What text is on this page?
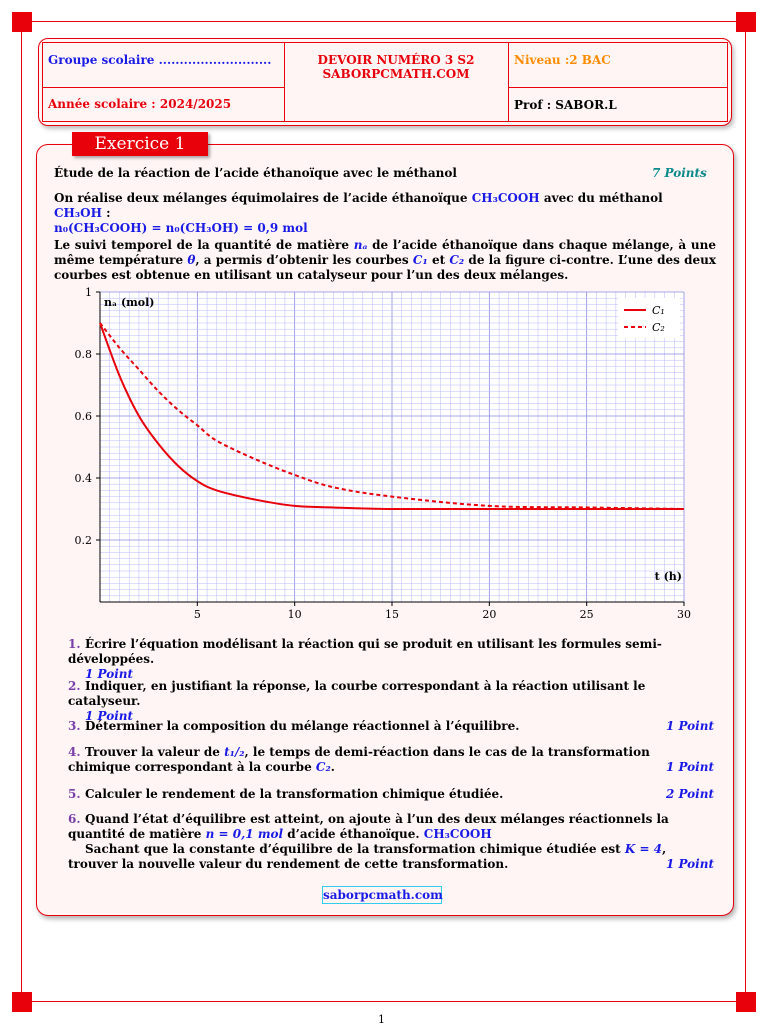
Groupe scolaire ...........................
Année scolaire : 2024/2025
DEVOIR NUMÉRO 3 S2
SABORPCMATH.COM
Niveau :2 BAC
Prof : SABOR.L
Exercice 1
Étude de la réaction de l’acide éthanoïque avec le méthanol	7 Points
On réalise deux mélanges équimolaires de l’acide éthanoïque CH₃COOH avec du méthanol CH₃OH :
n₀(CH₃COOH) = n₀(CH₃OH) = 0,9 mol
Le suivi temporel de la quantité de matière nₐ de l’acide éthanoïque dans chaque mélange, à une même température θ, a permis d’obtenir les courbes C₁ et C₂ de la figure ci-contre. L’une des deux courbes est obtenue en utilisant un catalyseur pour l’un des deux mélanges.
5	10	15	20	25	30
0.2
0.4
0.6
0.8
1
C₁
C₂
nₐ (mol)
t (h)
1. Écrire l’équation modélisant la réaction qui se produit en utilisant les formules semi-développées.
1 Point
2. Indiquer, en justifiant la réponse, la courbe correspondant à la réaction utilisant le catalyseur.
1 Point
3. Déterminer la composition du mélange réactionnel à l’équilibre.	1 Point
4. Trouver la valeur de t₁/₂, le temps de demi-réaction dans le cas de la transformation chimique correspondant à la courbe C₂.	1 Point
5. Calculer le rendement de la transformation chimique étudiée.	2 Point
6. Quand l’état d’équilibre est atteint, on ajoute à l’un des deux mélanges réactionnels la quantité de matière n = 0,1 mol d’acide éthanoïque. CH₃COOH
Sachant que la constante d’équilibre de la transformation chimique étudiée est K = 4, trouver la nouvelle valeur du rendement de cette transformation.	1 Point
saborpcmath.com
1
